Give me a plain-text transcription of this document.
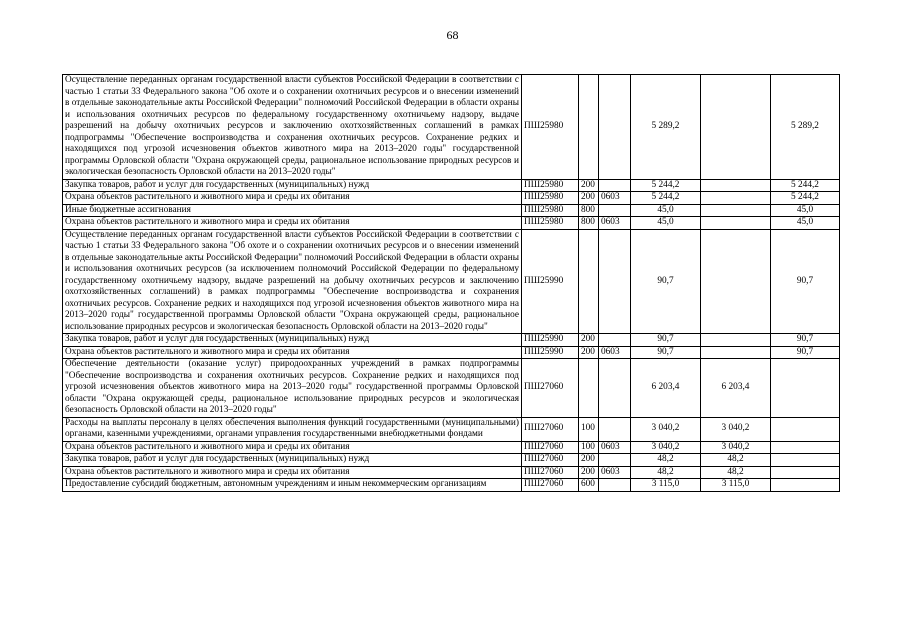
68
Осуществление переданных органам государственной власти субъектов Российской Федерации в соответствии с частью 1 статьи 33 Федерального закона "Об охоте и о сохранении охотничьих ресурсов и о внесении изменений в отдельные законодательные акты Российской Федерации" полномочий Российской Федерации в области охраны и использования охотничьих ресурсов по федеральному государственному охотничьему надзору, выдаче разрешений на добычу охотничьих ресурсов и заключению охотхозяйственных соглашений в рамках подпрограммы "Обеспечение воспроизводства и сохранения охотничьих ресурсов. Сохранение редких и находящихся под угрозой исчезновения объектов животного мира на 2013–2020 годы" государственной программы Орловской области "Охрана окружающей среды, рациональное использование природных ресурсов и экологическая безопасность Орловской области на 2013–2020 годы"	ПШ25980			5 289,2		5 289,2
Закупка товаров, работ и услуг для государственных (муниципальных) нужд	ПШ25980	200		5 244,2		5 244,2
Охрана объектов растительного и животного мира и среды их обитания	ПШ25980	200	0603	5 244,2		5 244,2
Иные бюджетные ассигнования	ПШ25980	800		45,0		45,0
Охрана объектов растительного и животного мира и среды их обитания	ПШ25980	800	0603	45,0		45,0
Осуществление переданных органам государственной власти субъектов Российской Федерации в соответствии с частью 1 статьи 33 Федерального закона "Об охоте и о сохранении охотничьих ресурсов и о внесении изменений в отдельные законодательные акты Российской Федерации" полномочий Российской Федерации в области охраны и использования охотничьих ресурсов (за исключением полномочий Российской Федерации по федеральному государственному охотничьему надзору, выдаче разрешений на добычу охотничьих ресурсов и заключению охотхозяйственных соглашений) в рамках подпрограммы "Обеспечение воспроизводства и сохранения охотничьих ресурсов. Сохранение редких и находящихся под угрозой исчезновения объектов животного мира на 2013–2020 годы" государственной программы Орловской области "Охрана окружающей среды, рациональное использование природных ресурсов и экологическая безопасность Орловской области на 2013–2020 годы"	ПШ25990			90,7		90,7
Закупка товаров, работ и услуг для государственных (муниципальных) нужд	ПШ25990	200		90,7		90,7
Охрана объектов растительного и животного мира и среды их обитания	ПШ25990	200	0603	90,7		90,7
Обеспечение деятельности (оказание услуг) природоохранных учреждений в рамках подпрограммы "Обеспечение воспроизводства и сохранения охотничьих ресурсов. Сохранение редких и находящихся под угрозой исчезновения объектов животного мира на 2013–2020 годы" государственной программы Орловской области "Охрана окружающей среды, рациональное использование природных ресурсов и экологическая безопасность Орловской области на 2013–2020 годы"	ПШ27060			6 203,4	6 203,4	
Расходы на выплаты персоналу в целях обеспечения выполнения функций государственными (муниципальными) органами, казенными учреждениями, органами управления государственными внебюджетными фондами	ПШ27060	100		3 040,2	3 040,2	
Охрана объектов растительного и животного мира и среды их обитания	ПШ27060	100	0603	3 040,2	3 040,2	
Закупка товаров, работ и услуг для государственных (муниципальных) нужд	ПШ27060	200		48,2	48,2	
Охрана объектов растительного и животного мира и среды их обитания	ПШ27060	200	0603	48,2	48,2	
Предоставление субсидий бюджетным, автономным учреждениям и иным некоммерческим организациям	ПШ27060	600		3 115,0	3 115,0	
